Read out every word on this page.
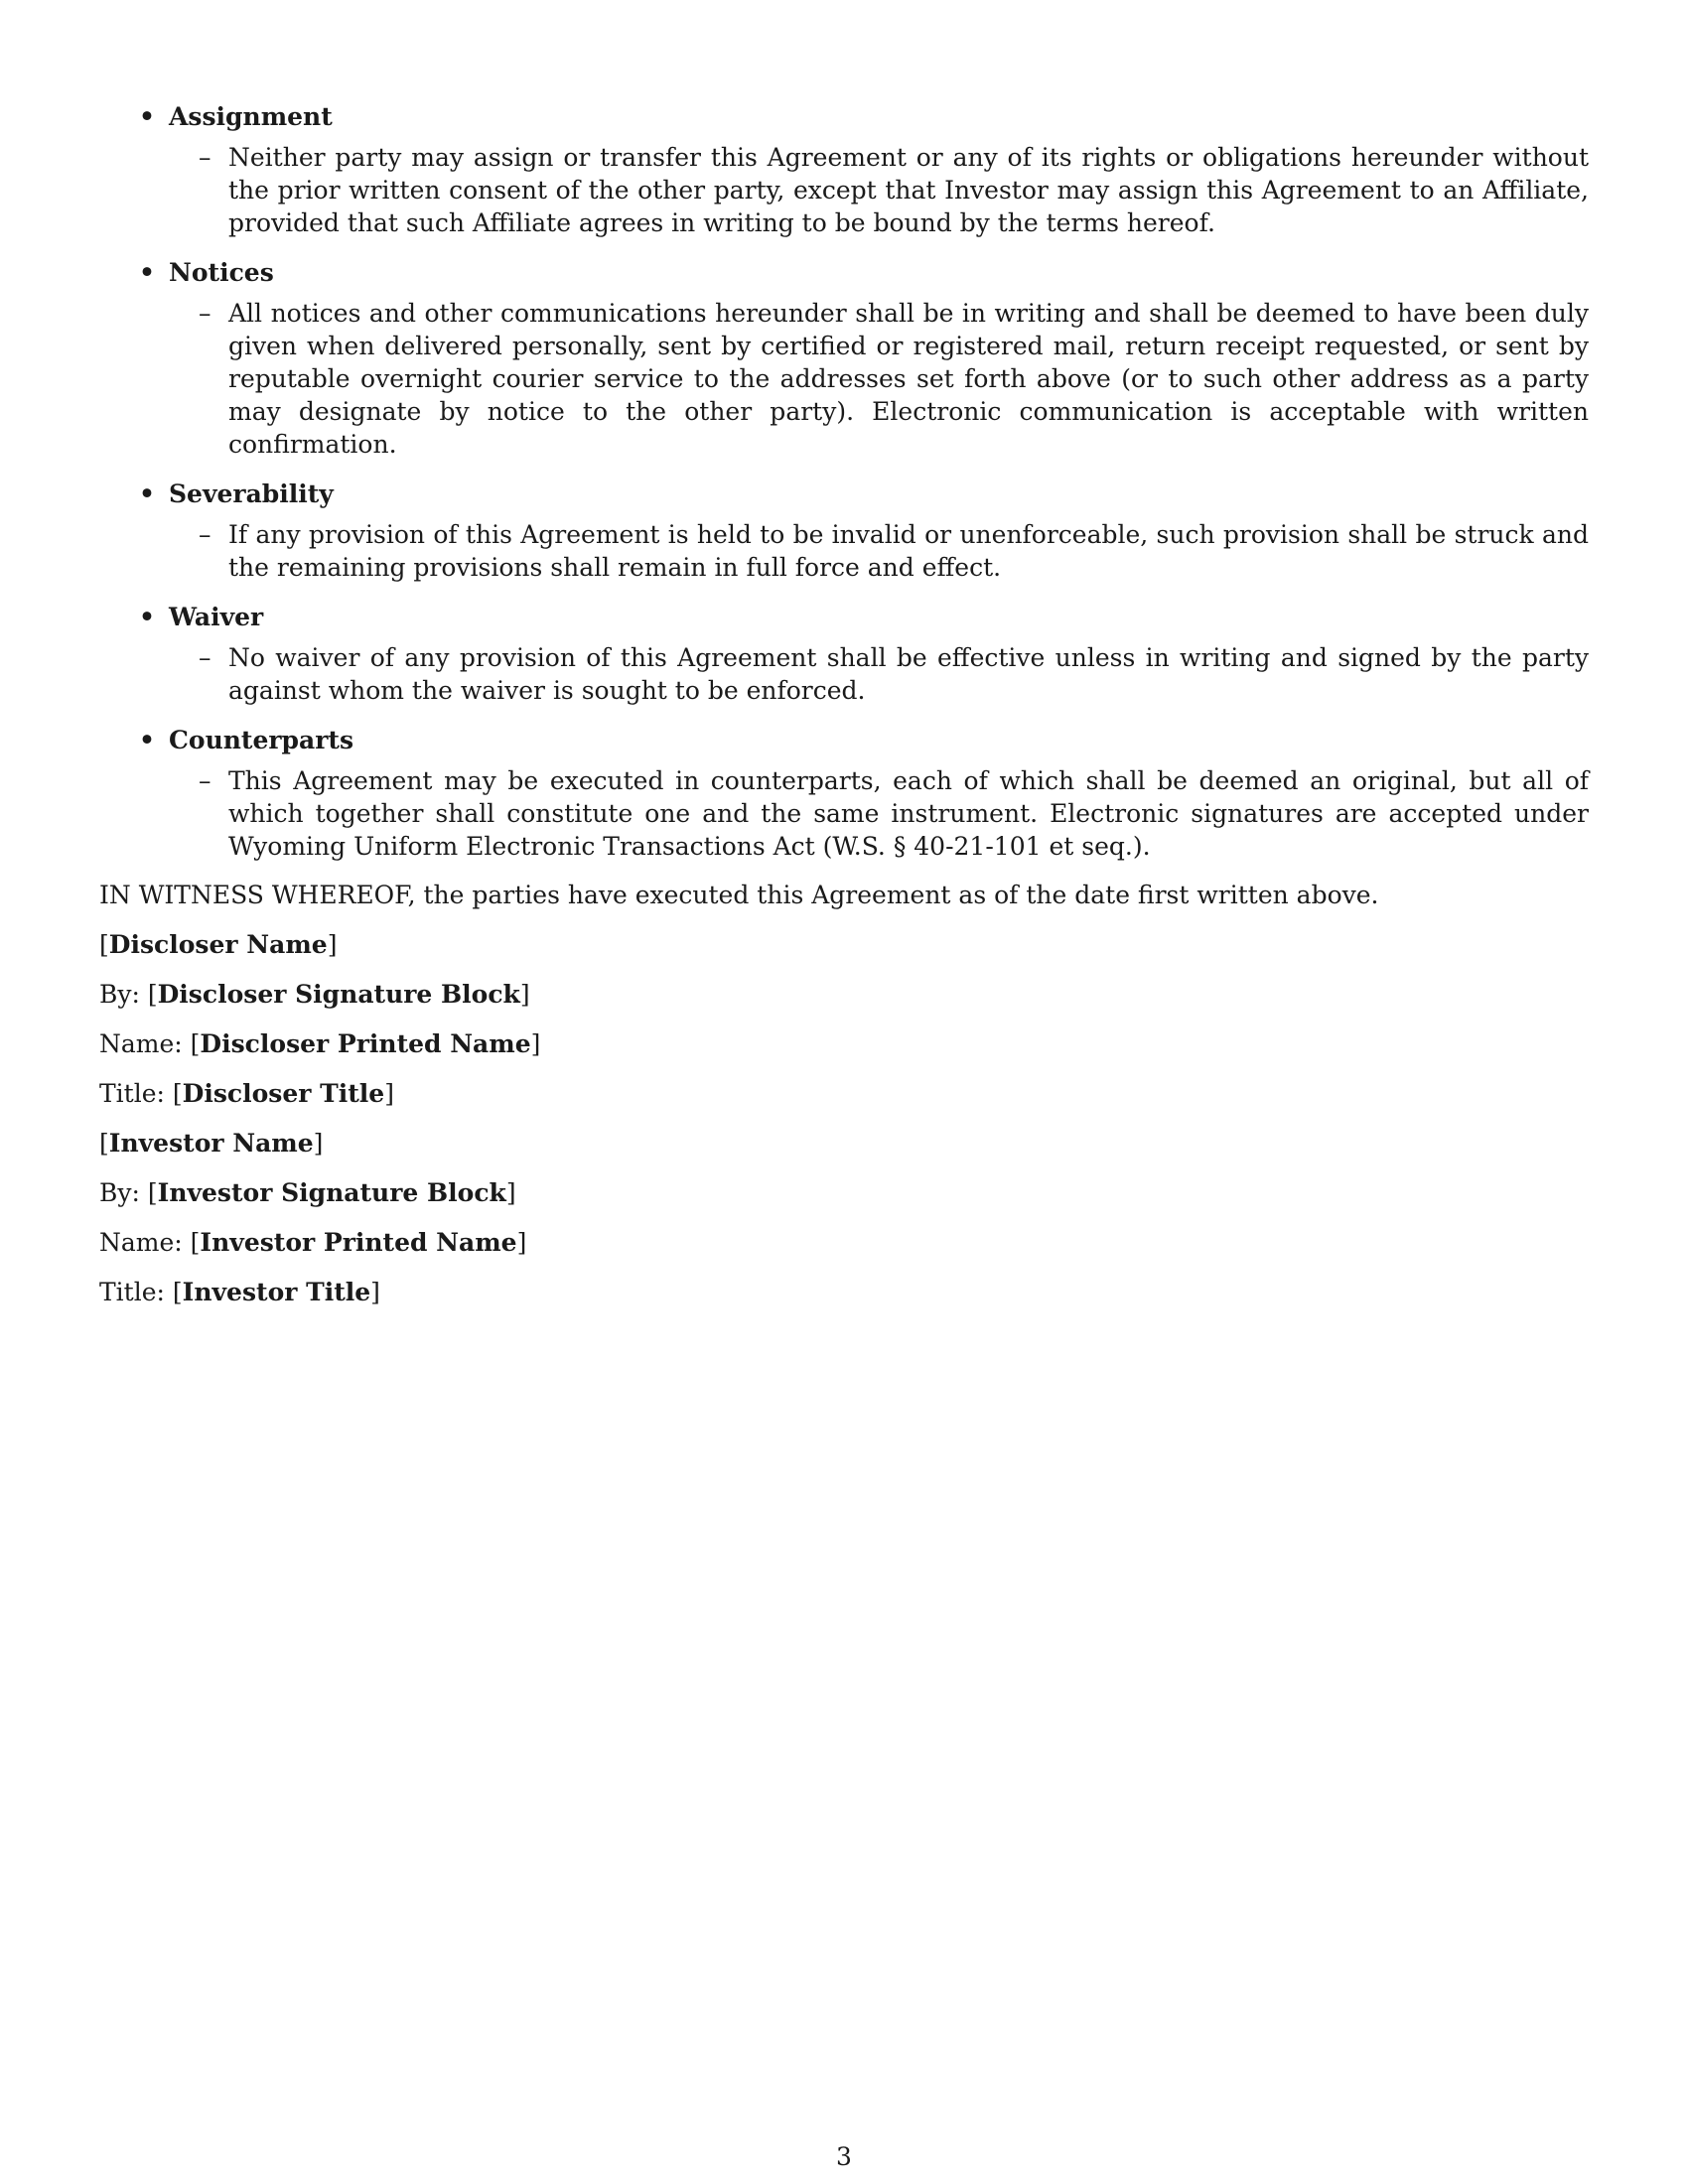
• Assignment

– Neither party may assign or transfer this Agreement or any of its rights or obligations hereunder without the prior written consent of the other party, except that Investor may assign this Agreement to an Affiliate, provided that such Affiliate agrees in writing to be bound by the terms hereof.

• Notices

– All notices and other communications hereunder shall be in writing and shall be deemed to have been duly given when delivered personally, sent by certified or registered mail, return receipt requested, or sent by reputable overnight courier service to the addresses set forth above (or to such other address as a party may designate by notice to the other party). Electronic communication is acceptable with written confirmation.

• Severability

– If any provision of this Agreement is held to be invalid or unenforceable, such provision shall be struck and the remaining provisions shall remain in full force and effect.

• Waiver

– No waiver of any provision of this Agreement shall be effective unless in writing and signed by the party against whom the waiver is sought to be enforced.

• Counterparts

– This Agreement may be executed in counterparts, each of which shall be deemed an original, but all of which together shall constitute one and the same instrument. Electronic signatures are accepted under Wyoming Uniform Electronic Transactions Act (W.S. § 40-21-101 et seq.).

IN WITNESS WHEREOF, the parties have executed this Agreement as of the date first written above.
[Discloser Name]
By: [Discloser Signature Block]
Name: [Discloser Printed Name]
Title: [Discloser Title]
[Investor Name]
By: [Investor Signature Block]
Name: [Investor Printed Name]
Title: [Investor Title]
3
